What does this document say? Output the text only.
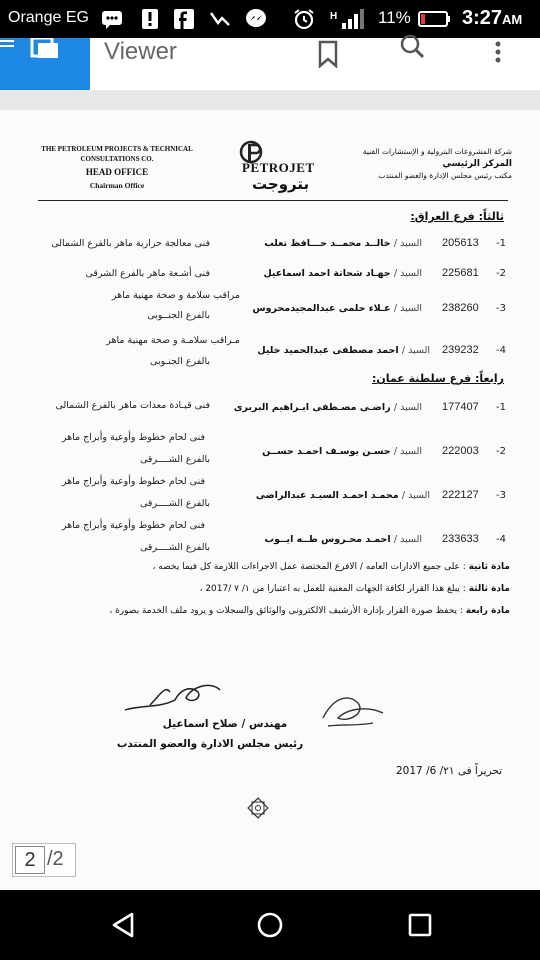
Orange EG	H 11%	3:27AM
Viewer
THE PETROLEUM PROJECTS & TECHNICAL
CONSULTATIONS CO.
HEAD OFFICE
Chairman Office
PETROJET
بتروجت
شركة المشروعات البترولية و الإستشارات الفنية
المركز الرئيسي
مكتب رئيس مجلس الإدارة والعضو المنتدب
ثالثاً: فرع العراق:
-1
205613
السيد / خالــد محمــد حـــافظ تعلب
فنى معالجة حرارية ماهر بالفرع الشمالى
-2
225681
السيد / جهـاد شحاتة احمد اسماعيل
فنى أشـعة ماهر بالفرع الشرقى
-3
238260
السيد / عـلاء حلمى عبدالمجيدمحروس
مراقب سلامة و صحة مهنية ماهر
بالفرع الجنــوبى
-4
239232
السيد / احمد مصطفى عبدالحميد خليل
مـراقب سلامـة و صحة مهنية ماهر
بالفرع الجنـوبى
رابعاً: فرع سلطنة عمان:
-1
177407
السيد / راضـى مصـطفى ابـراهيم البربرى
فنى قيـادة معدات ماهر بالفرع الشمالى
-2
222003
السيد / حسـن يوسـف احمـد حســن
فنى لحام خطوط وأوعية وأبراج ماهر
بالفرع الشــــرقى
-3
222127
السيد / محمـد احمـد السيـد عبدالراضى
فنى لحام خطوط وأوعية وأبراج ماهر
بالفرع الشــــرقى
-4
233633
السيد / احمـد محـروس طــه ايــوب
فنى لحام خطوط وأوعية وأبراج ماهر
بالفرع الشــــرقى
مادة ثانية : على جميع الادارات العامه / الافرع المختصة عمل الاجراءات اللازمة كل فيما يخصه ،
مادة ثالثة : يبلغ هذا القرار لكافة الجهات المعنية للعمل به اعتبارا من ١/ ٧ /2017 ،
مادة رابعة : يحفظ صورة القرار بإدارة الأرشيف الالكترونى والوثائق والسجلات و يرود ملف الخدمة بصورة ،
مهندس / صلاح اسماعيل
رئيس مجلس الادارة والعضو المنتدب
تحريراً فى ٢١/ 6/ 2017
2 /2
